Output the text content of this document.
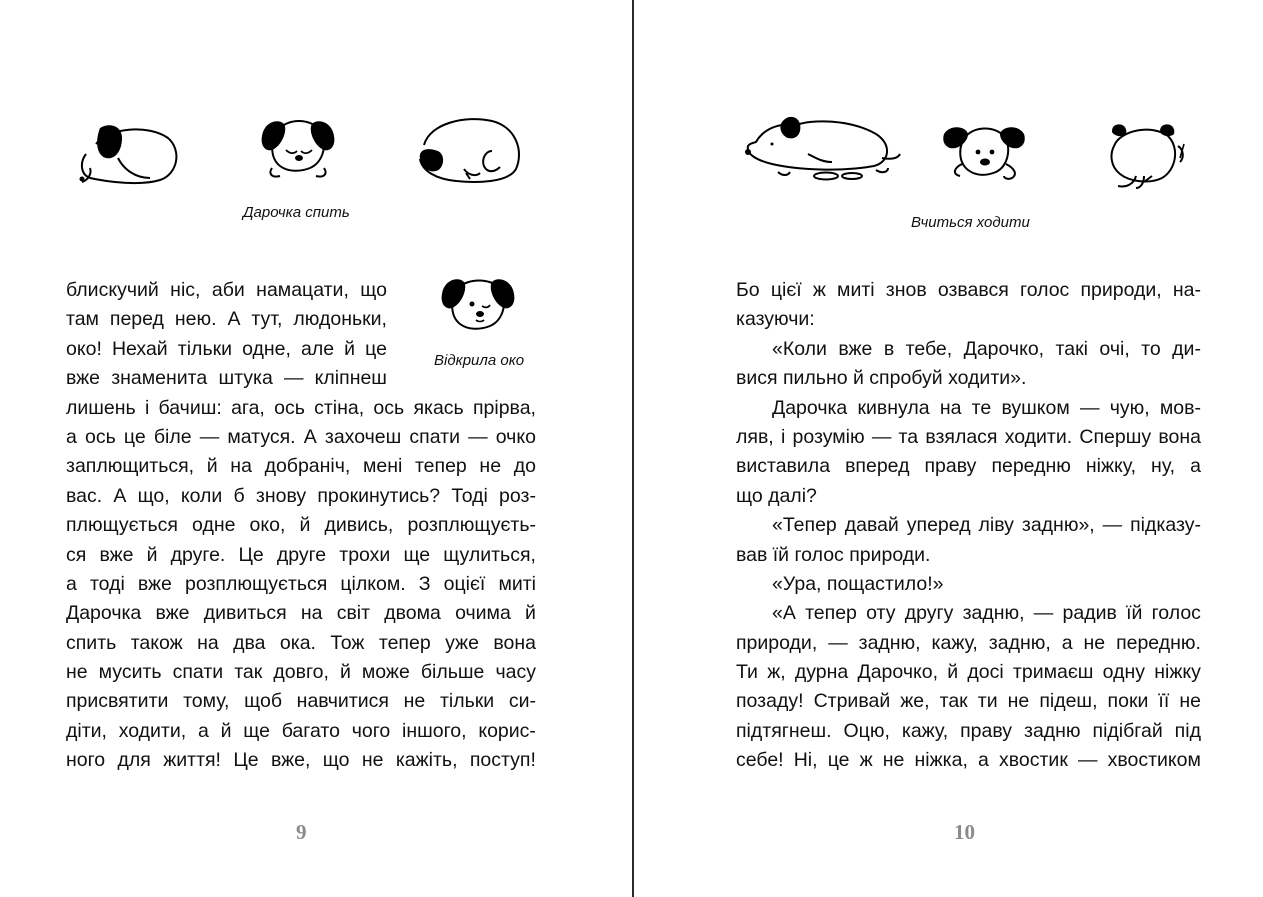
Дарочка спить
Відкрила око
блискучий ніс, аби намацати, що
там перед нею. А тут, людоньки,
око! Нехай тільки одне, але й це
вже знаменита штука — кліпнеш
лишень і бачиш: ага, ось стіна, ось якась прірва,
а ось це біле — матуся. А захочеш спати — очко
заплющиться, й на добраніч, мені тепер не до
вас. А що, коли б знову прокинутись? Тоді роз-
плющується одне око, й дивись, розплющуєть-
ся вже й друге. Це друге трохи ще щулиться,
а тоді вже розплющується цілком. З оцієї миті
Дарочка вже дивиться на світ двома очима й
спить також на два ока. Тож тепер уже вона
не мусить спати так довго, й може більше часу
присвятити тому, щоб навчитися не тільки си-
діти, ходити, а й ще багато чого іншого, корис-
ного для життя! Це вже, що не кажіть, поступ!
9
Вчиться ходити
Бо цієї ж миті знов озвався голос природи, на-
казуючи:
«Коли вже в тебе, Дарочко, такі очі, то ди-
вися пильно й спробуй ходити».
Дарочка кивнула на те вушком — чую, мов-
ляв, і розумію — та взялася ходити. Спершу вона
виставила вперед праву передню ніжку, ну, а
що далі?
«Тепер давай уперед ліву задню», — підказу-
вав їй голос природи.
«Ура, пощастило!»
«А тепер оту другу задню, — радив їй голос
природи, — задню, кажу, задню, а не передню.
Ти ж, дурна Дарочко, й досі тримаєш одну ніжку
позаду! Стривай же, так ти не підеш, поки її не
підтягнеш. Оцю, кажу, праву задню підібгай під
себе! Ні, це ж не ніжка, а хвостик — хвостиком
10
